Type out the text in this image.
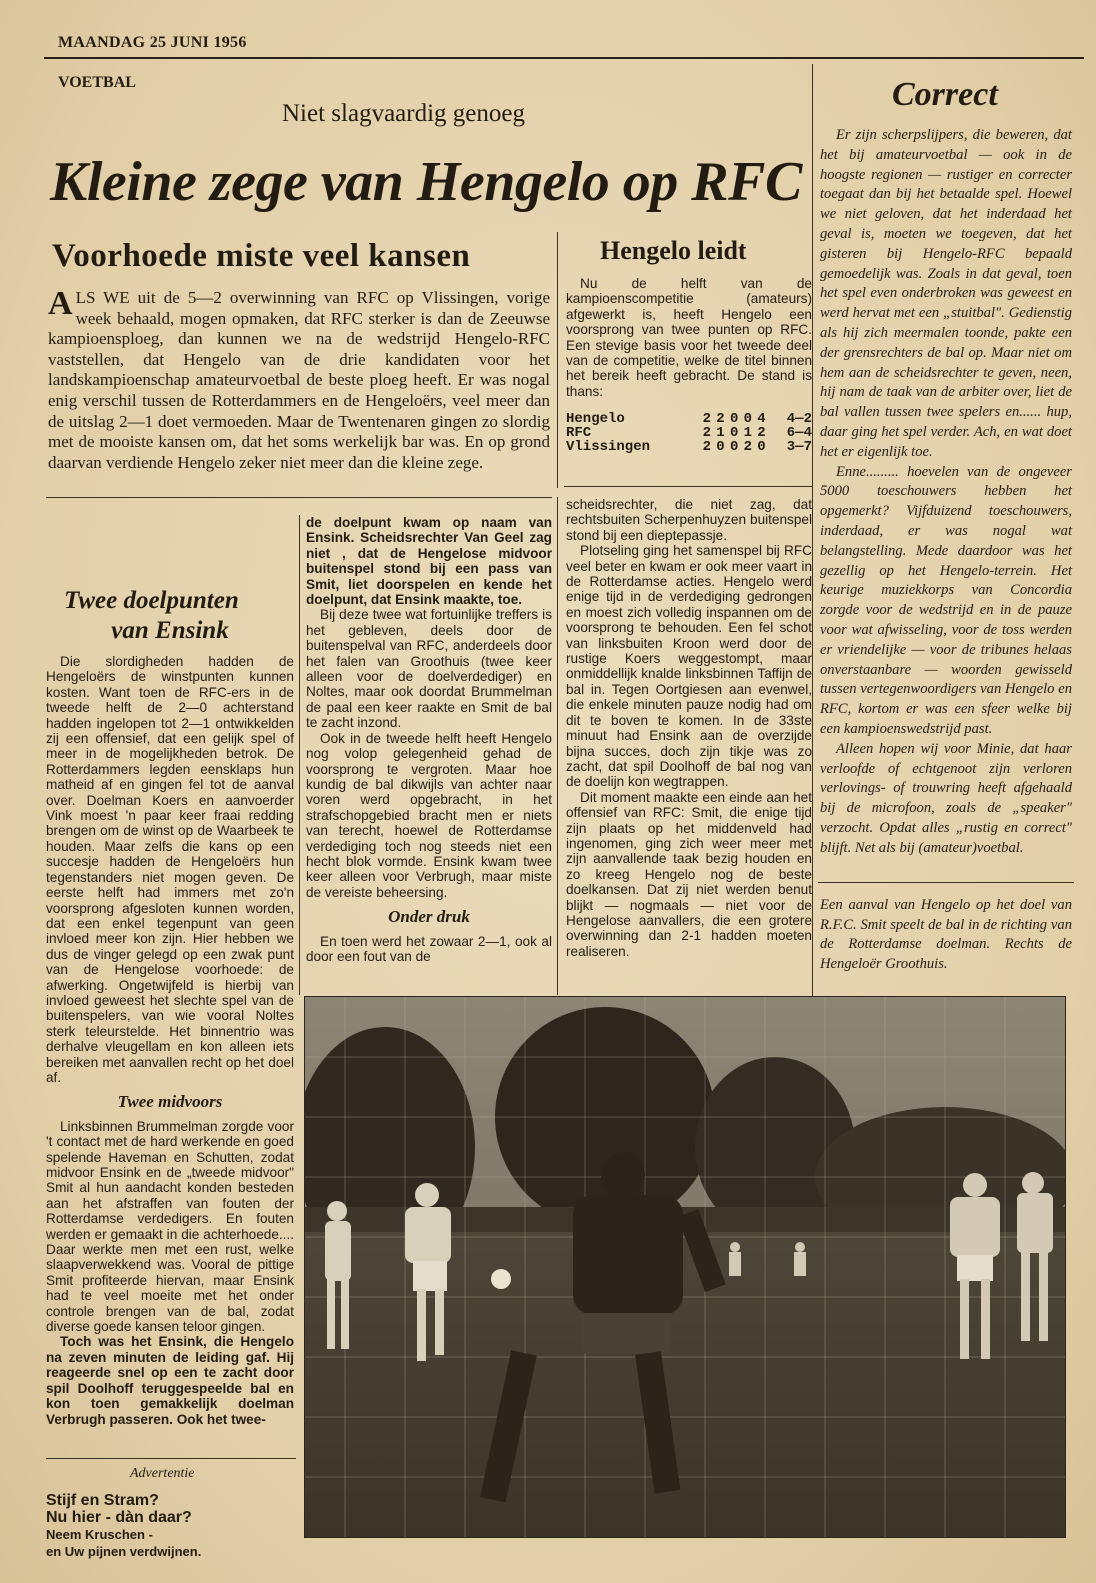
MAANDAG 25 JUNI 1956
VOETBAL
Niet slagvaardig genoeg
Kleine zege van Hengelo op RFC
Voorhoede miste veel kansen
ALS WE uit de 5—2 overwinning van RFC op Vlissingen, vorige week behaald, mogen opmaken, dat RFC sterker is dan de Zeeuwse kampioensploeg, dan kunnen we na de wedstrijd Hengelo-RFC vaststellen, dat Hengelo van de drie kandidaten voor het landskampioenschap amateurvoetbal de beste ploeg heeft. Er was nogal enig verschil tussen de Rotterdammers en de Hengeloërs, veel meer dan de uitslag 2—1 doet vermoeden. Maar de Twentenaren gingen zo slordig met de mooiste kansen om, dat het soms werkelijk bar was. En op grond daarvan verdiende Hengelo zeker niet meer dan die kleine zege.
Twee doelpunten
van Ensink

Die slordigheden hadden de Hengeloërs de winstpunten kunnen kosten. Want toen de RFC-ers in de tweede helft de 2—0 achterstand hadden ingelopen tot 2—1 ontwikkelden zij een offensief, dat een gelijk spel of meer in de mogelijkheden betrok. De Rotterdammers legden eensklaps hun matheid af en gingen fel tot de aanval over. Doelman Koers en aanvoerder Vink moest 'n paar keer fraai redding brengen om de winst op de Waarbeek te houden. Maar zelfs die kans op een succesje hadden de Hengeloërs hun tegenstanders niet mogen geven. De eerste helft had immers met zo'n voorsprong afgesloten kunnen worden, dat een enkel tegenpunt van geen invloed meer kon zijn. Hier hebben we dus de vinger gelegd op een zwak punt van de Hengelose voorhoede: de afwerking. Ongetwijfeld is hierbij van invloed geweest het slechte spel van de buitenspelers, van wie vooral Noltes sterk teleurstelde. Het binnentrio was derhalve vleugellam en kon alleen iets bereiken met aanvallen recht op het doel af.

Twee midvoors

Linksbinnen Brummelman zorgde voor 't contact met de hard werkende en goed spelende Haveman en Schutten, zodat midvoor Ensink en de „tweede midvoor" Smit al hun aandacht konden besteden aan het afstraffen van fouten der Rotterdamse verdedigers. En fouten werden er gemaakt in die achterhoede.... Daar werkte men met een rust, welke slaapverwekkend was. Vooral de pittige Smit profiteerde hiervan, maar Ensink had te veel moeite met het onder controle brengen van de bal, zodat diverse goede kansen teloor gingen.

Toch was het Ensink, die Hengelo na zeven minuten de leiding gaf. Hij reageerde snel op een te zacht door spil Doolhoff teruggespeelde bal en kon toen gemakkelijk doelman Verbrugh passeren. Ook het twee-

de doelpunt kwam op naam van Ensink. Scheidsrechter Van Geel zag niet , dat de Hengelose midvoor buitenspel stond bij een pass van Smit, liet doorspelen en kende het doelpunt, dat Ensink maakte, toe.

Bij deze twee wat fortuinlijke treffers is het gebleven, deels door de buitenspelval van RFC, anderdeels door het falen van Groothuis (twee keer alleen voor de doelverdediger) en Noltes, maar ook doordat Brummelman de paal een keer raakte en Smit de bal te zacht inzond.

Ook in de tweede helft heeft Hengelo nog volop gelegenheid gehad de voorsprong te vergroten. Maar hoe kundig de bal dikwijls van achter naar voren werd opgebracht, in het strafschopgebied bracht men er niets van terecht, hoewel de Rotterdamse verdediging toch nog steeds niet een hecht blok vormde. Ensink kwam twee keer alleen voor Verbrugh, maar miste de vereiste beheersing.

Onder druk

En toen werd het zowaar 2—1, ook al door een fout van de

Hengelo leidt

Nu de helft van de kampioenscompetitie (amateurs) afgewerkt is, heeft Hengelo een voorsprong van twee punten op RFC. Een stevige basis voor het tweede deel van de competitie, welke de titel binnen het bereik heeft gebracht. De stand is thans:

Hengelo	2	2	0	0	4	4—2
RFC	2	1	0	1	2	6—4
Vlissingen	2	0	0	2	0	3—7

scheidsrechter, die niet zag, dat rechtsbuiten Scherpenhuyzen buitenspel stond bij een dieptepassje.

Plotseling ging het samenspel bij RFC veel beter en kwam er ook meer vaart in de Rotterdamse acties. Hengelo werd enige tijd in de verdediging gedrongen en moest zich volledig inspannen om de voorsprong te behouden. Een fel schot van linksbuiten Kroon werd door de rustige Koers weggestompt, maar onmiddellijk knalde linksbinnen Taffijn de bal in. Tegen Oortgiesen aan evenwel, die enkele minuten pauze nodig had om dit te boven te komen. In de 33ste minuut had Ensink aan de overzijde bijna succes, doch zijn tikje was zo zacht, dat spil Doolhoff de bal nog van de doelijn kon wegtrappen.

Dit moment maakte een einde aan het offensief van RFC: Smit, die enige tijd zijn plaats op het middenveld had ingenomen, ging zich weer meer met zijn aanvallende taak bezig houden en zo kreeg Hengelo nog de beste doelkansen. Dat zij niet werden benut blijkt — nogmaals — niet voor de Hengelose aanvallers, die een grotere overwinning dan 2-1 hadden moeten realiseren.

Correct

Er zijn scherpslijpers, die beweren, dat het bij amateurvoetbal — ook in de hoogste regionen — rustiger en correcter toegaat dan bij het betaalde spel. Hoewel we niet geloven, dat het inderdaad het geval is, moeten we toegeven, dat het gisteren bij Hengelo-RFC bepaald gemoedelijk was. Zoals in dat geval, toen het spel even onderbroken was geweest en werd hervat met een „stuitbal". Gedienstig als hij zich meermalen toonde, pakte een der grensrechters de bal op. Maar niet om hem aan de scheidsrechter te geven, neen, hij nam de taak van de arbiter over, liet de bal vallen tussen twee spelers en...... hup, daar ging het spel verder. Ach, en wat doet het er eigenlijk toe.

Enne......... hoevelen van de ongeveer 5000 toeschouwers hebben het opgemerkt? Vijfduizend toeschouwers, inderdaad, er was nogal wat belangstelling. Mede daardoor was het gezellig op het Hengelo-terrein. Het keurige muziekkorps van Concordia zorgde voor de wedstrijd en in de pauze voor wat afwisseling, voor de toss werden er vriendelijke — voor de tribunes helaas onverstaanbare — woorden gewisseld tussen vertegenwoordigers van Hengelo en RFC, kortom er was een sfeer welke bij een kampioenswedstrijd past.

Alleen hopen wij voor Minie, dat haar verloofde of echtgenoot zijn verloren verlovings- of trouwring heeft afgehaald bij de microfoon, zoals de „speaker" verzocht. Opdat alles „rustig en correct" blijft. Net als bij (amateur)voetbal.

Een aanval van Hengelo op het doel van R.F.C. Smit speelt de bal in de richting van de Rotterdamse doelman. Rechts de Hengeloër Groothuis.
Advertentie
Stijf en Stram?
Nu hier - dàn daar?
Neem Kruschen -
en Uw pijnen verdwijnen.
